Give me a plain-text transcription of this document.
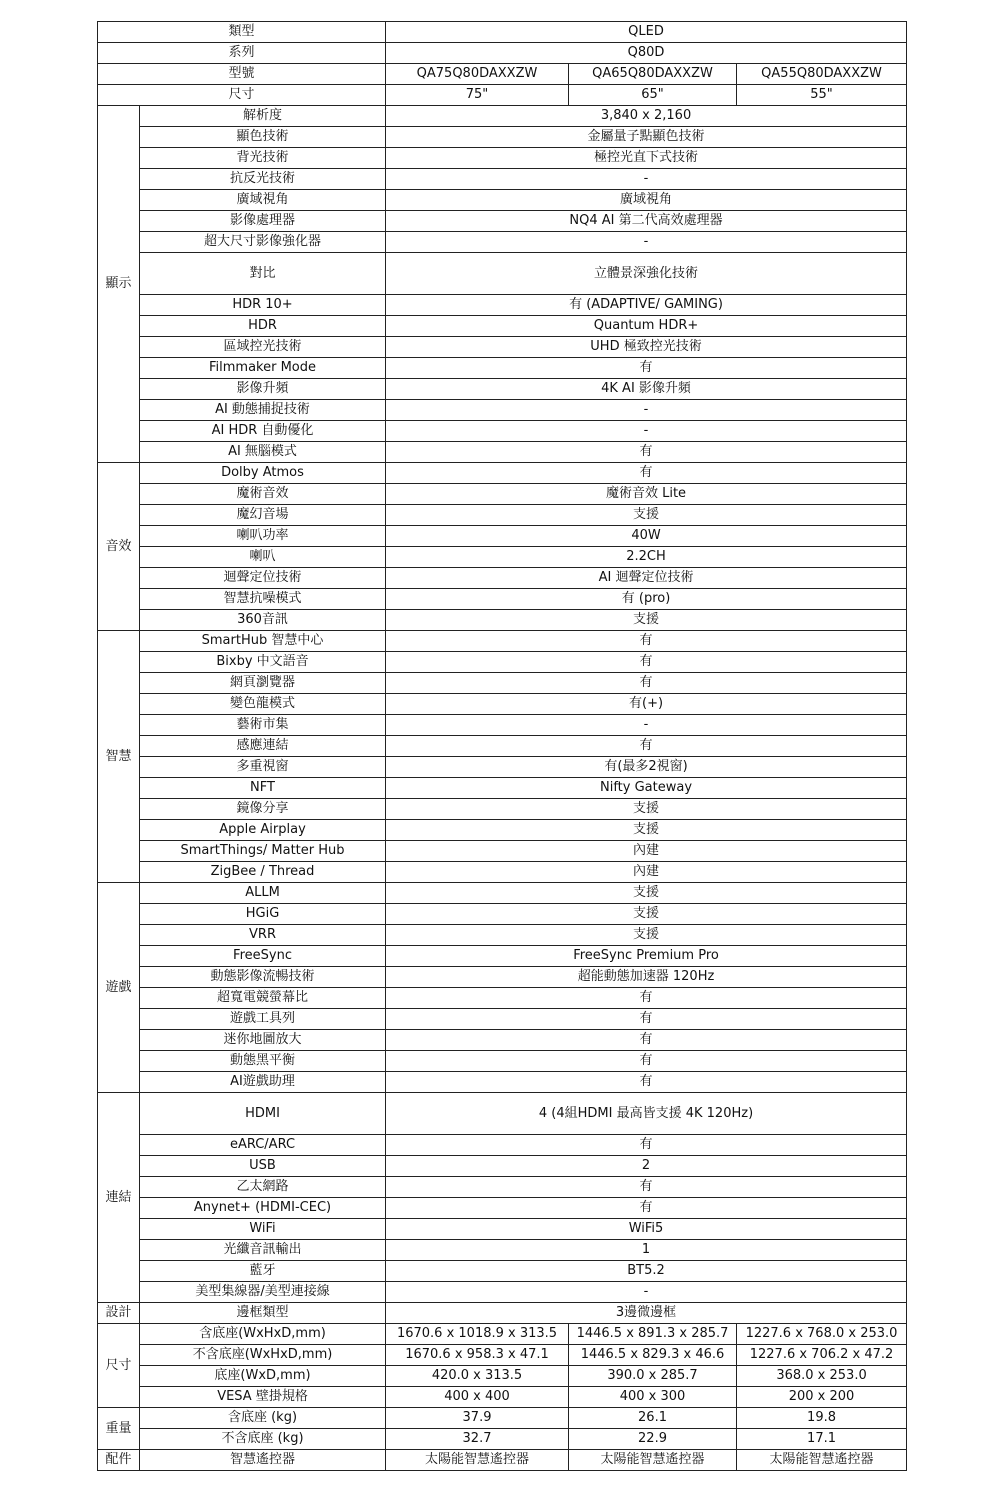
類型		QLED		
系列		Q80D		
型號		QA75Q80DAXXZW	QA65Q80DAXXZW	QA55Q80DAXXZW
尺寸		75"	65"	55"
顯示	解析度	3,840 x 2,160		
	顯色技術	金屬量子點顯色技術		
	背光技術	極控光直下式技術		
	抗反光技術	-		
	廣域視角	廣域視角		
	影像處理器	NQ4 AI 第二代高效處理器		
	超大尺寸影像強化器	-		
	對比	立體景深強化技術		
	HDR 10+	有 (ADAPTIVE/ GAMING)		
	HDR	Quantum HDR+		
	區域控光技術	UHD 極致控光技術		
	Filmmaker Mode	有		
	影像升頻	4K AI 影像升頻		
	AI 動態捕捉技術	-		
	AI HDR 自動優化	-		
	AI 無腦模式	有		
音效	Dolby Atmos	有		
	魔術音效	魔術音效 Lite		
	魔幻音場	支援		
	喇叭功率	40W		
	喇叭	2.2CH		
	迴聲定位技術	AI 迴聲定位技術		
	智慧抗噪模式	有 (pro)		
	360音訊	支援		
智慧	SmartHub 智慧中心	有		
	Bixby 中文語音	有		
	網頁瀏覽器	有		
	變色龍模式	有(+)		
	藝術市集	-		
	感應連結	有		
	多重視窗	有(最多2視窗)		
	NFT	Nifty Gateway		
	鏡像分享	支援		
	Apple Airplay	支援		
	SmartThings/ Matter Hub	內建		
	ZigBee / Thread	內建		
遊戲	ALLM	支援		
	HGiG	支援		
	VRR	支援		
	FreeSync	FreeSync Premium Pro		
	動態影像流暢技術	超能動態加速器 120Hz		
	超寬電競螢幕比	有		
	遊戲工具列	有		
	迷你地圖放大	有		
	動態黑平衡	有		
	AI遊戲助理	有		
連結	HDMI	4 (4組HDMI 最高皆支援 4K 120Hz)		
	eARC/ARC	有		
	USB	2		
	乙太網路	有		
	Anynet+ (HDMI-CEC)	有		
	WiFi	WiFi5		
	光纖音訊輸出	1		
	藍牙	BT5.2		
	美型集線器/美型連接線	-		
設計	邊框類型	3邊微邊框		
尺寸	含底座(WxHxD,mm)	1670.6 x 1018.9 x 313.5	1446.5 x 891.3 x 285.7	1227.6 x 768.0 x 253.0
	不含底座(WxHxD,mm)	1670.6 x 958.3 x 47.1	1446.5 x 829.3 x 46.6	1227.6 x 706.2 x 47.2
	底座(WxD,mm)	420.0 x 313.5	390.0 x 285.7	368.0 x 253.0
	VESA 壁掛規格	400 x 400	400 x 300	200 x 200
重量	含底座 (kg)	37.9	26.1	19.8
	不含底座 (kg)	32.7	22.9	17.1
配件	智慧遙控器	太陽能智慧遙控器	太陽能智慧遙控器	太陽能智慧遙控器
